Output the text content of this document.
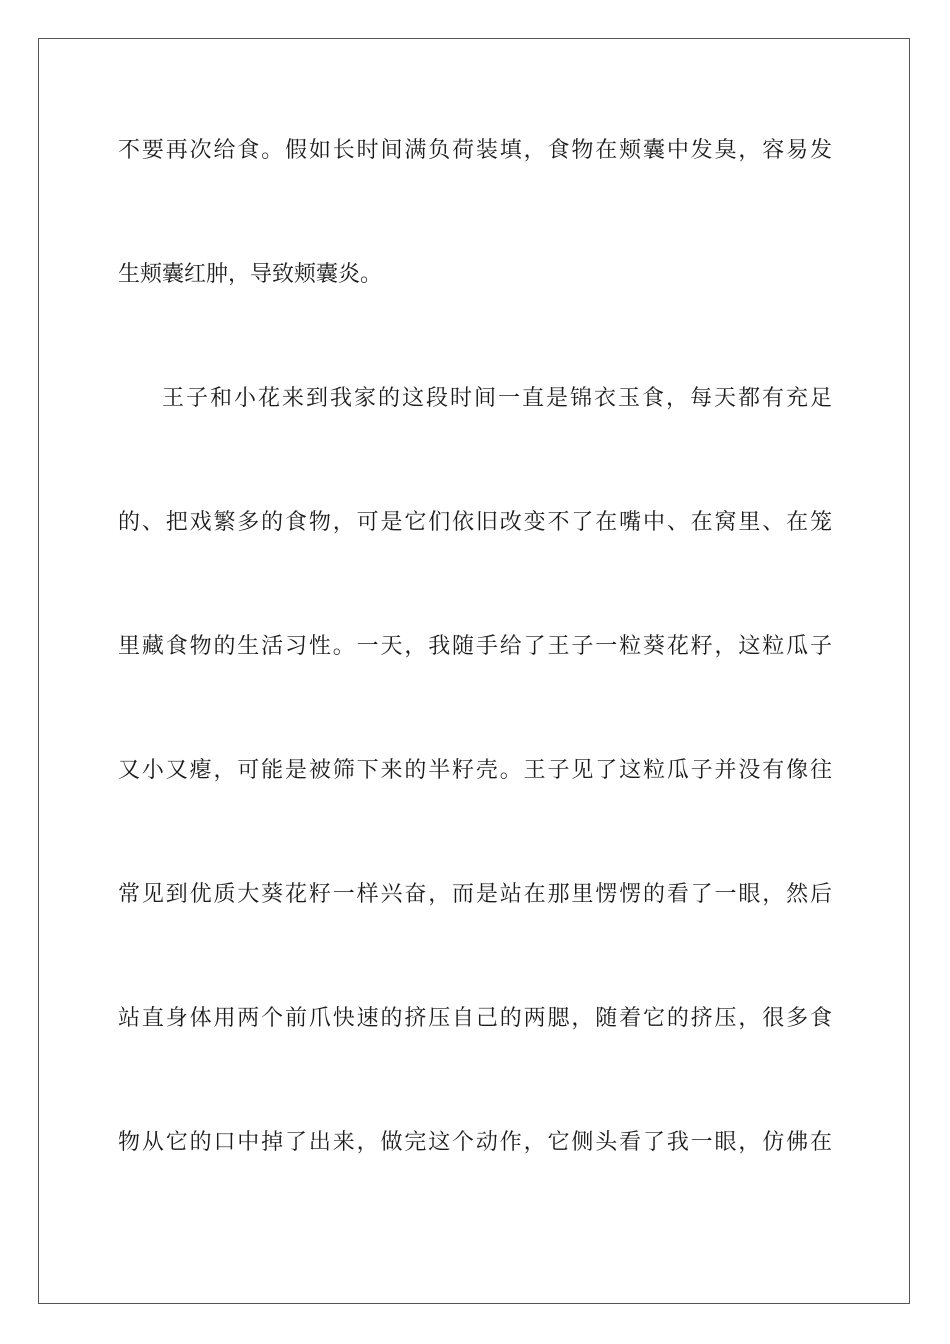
不要再次给食。假如长时间满负荷装填，食物在颊囊中发臭，容易发
生颊囊红肿，导致颊囊炎。
王子和小花来到我家的这段时间一直是锦衣玉食，每天都有充足
的、把戏繁多的食物，可是它们依旧改变不了在嘴中、在窝里、在笼
里藏食物的生活习性。一天，我随手给了王子一粒葵花籽，这粒瓜子
又小又瘪，可能是被筛下来的半籽壳。王子见了这粒瓜子并没有像往
常见到优质大葵花籽一样兴奋，而是站在那里愣愣的看了一眼，然后
站直身体用两个前爪快速的挤压自己的两腮，随着它的挤压，很多食
物从它的口中掉了出来，做完这个动作，它侧头看了我一眼，仿佛在
